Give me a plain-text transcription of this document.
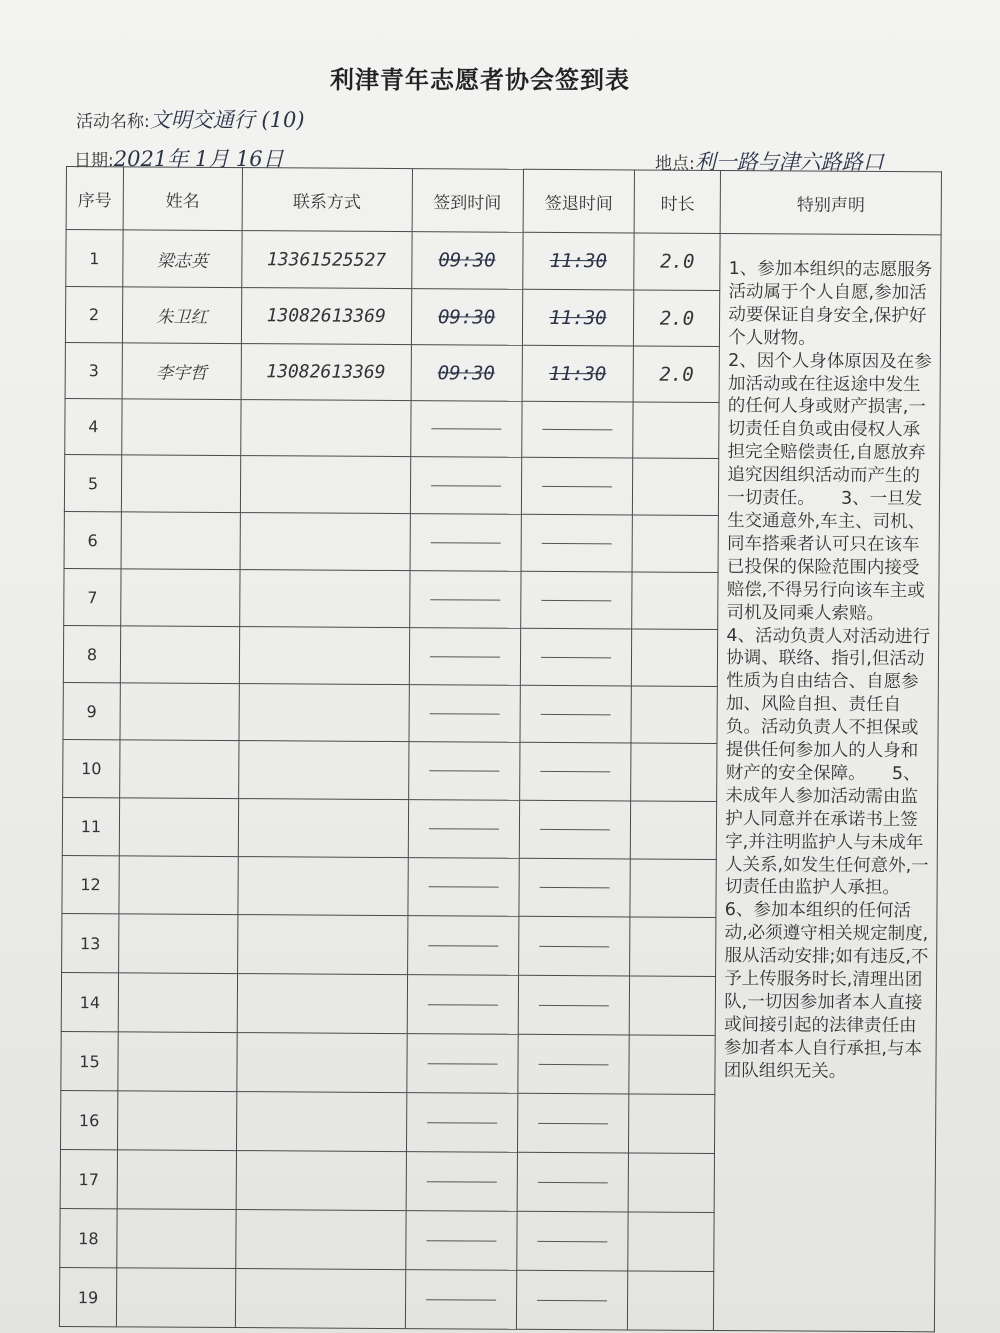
利津青年志愿者协会签到表
活动名称:文明交通行 (10)
日期:2021年 1月 16日	地点:利一路与津六路路口
序号	姓名	联系方式	签到时间	签退时间	时长	特别声明
1	梁志英	13361525527	09:30	11:30	2.0	1、参加本组织的志愿服务活动属于个人自愿,参加活动要保证自身安全,保护好个人财物。

2、因个人身体原因及在参加活动或在往返途中发生的任何人身或财产损害,一切责任自负或由侵权人承担完全赔偿责任,自愿放弃追究因组织活动而产生的一切责任。　　3、一旦发生交通意外,车主、司机、同车搭乘者认可只在该车已投保的保险范围内接受赔偿,不得另行向该车主或司机及同乘人索赔。

4、活动负责人对活动进行协调、联络、指引,但活动性质为自由结合、自愿参加、风险自担、责任自负。活动负责人不担保或提供任何参加人的人身和财产的安全保障。　　5、未成年人参加活动需由监护人同意并在承诺书上签字,并注明监护人与未成年人关系,如发生任何意外,一切责任由监护人承担。

6、参加本组织的任何活动,必须遵守相关规定制度,服从活动安排;如有违反,不予上传服务时长,清理出团队,一切因参加者本人直接或间接引起的法律责任由参加者本人自行承担,与本团队组织无关。

2	朱卫红	13082613369	09:30	11:30	2.0	
3	李宇哲	13082613369	09:30	11:30	2.0	
4						
5						
6						
7						
8						
9						
10						
11						
12						
13						
14						
15						
16						
17						
18						
19						
